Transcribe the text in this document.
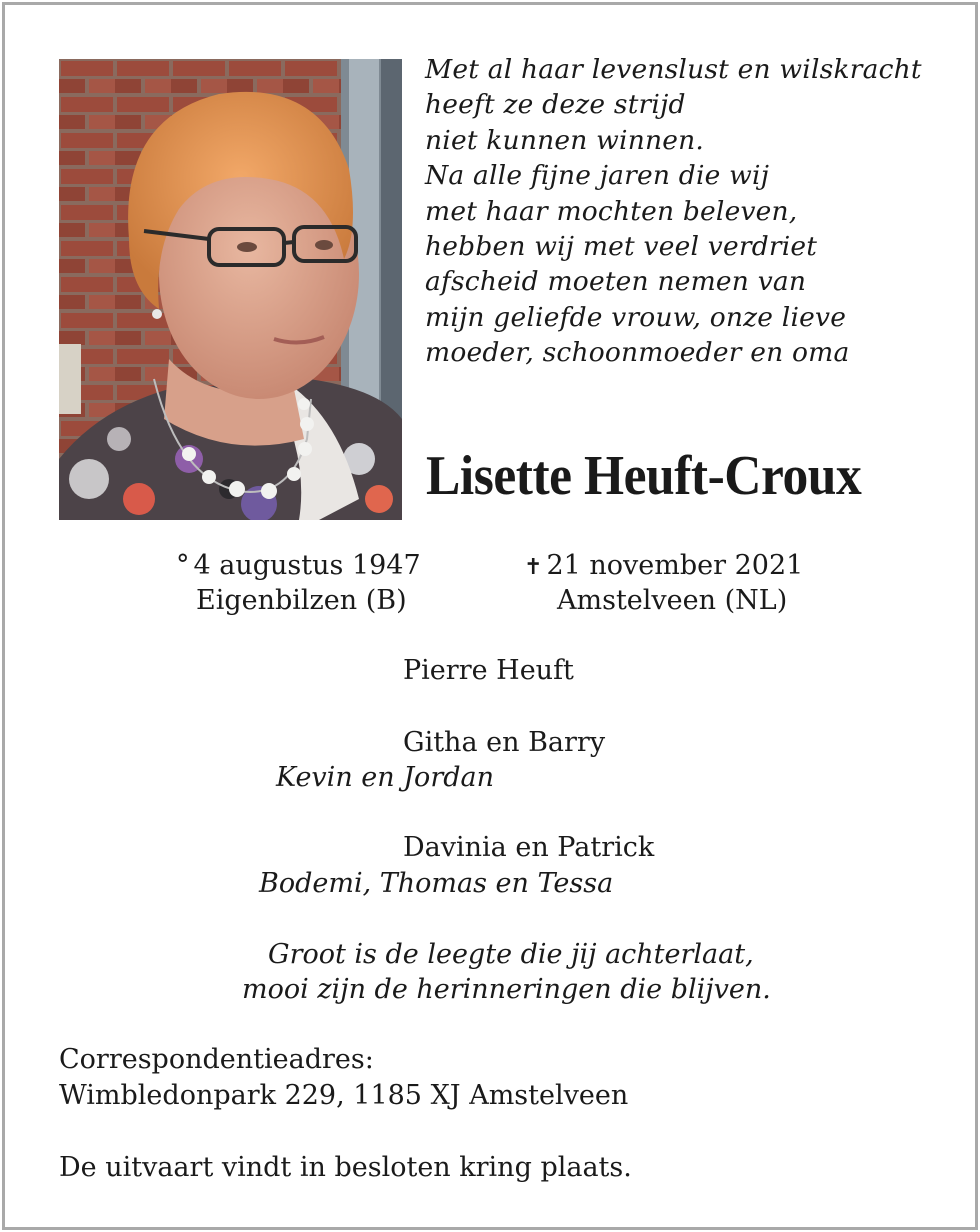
Met al haar levenslust en wilskracht
heeft ze deze strijd
niet kunnen winnen.
Na alle fijne jaren die wij
met haar mochten beleven,
hebben wij met veel verdriet
afscheid moeten nemen van
mijn geliefde vrouw, onze lieve
moeder, schoonmoeder en oma
Lisette Heuft-Croux
° 4 augustus 1947
Eigenbilzen (B)
✝ 21 november 2021
Amstelveen (NL)
Pierre Heuft
Githa en Barry
Kevin en Jordan
Davinia en Patrick
Bodemi, Thomas en Tessa
Groot is de leegte die jij achterlaat,
mooi zijn de herinneringen die blijven.
Correspondentieadres:
Wimbledonpark 229, 1185 XJ Amstelveen
De uitvaart vindt in besloten kring plaats.
